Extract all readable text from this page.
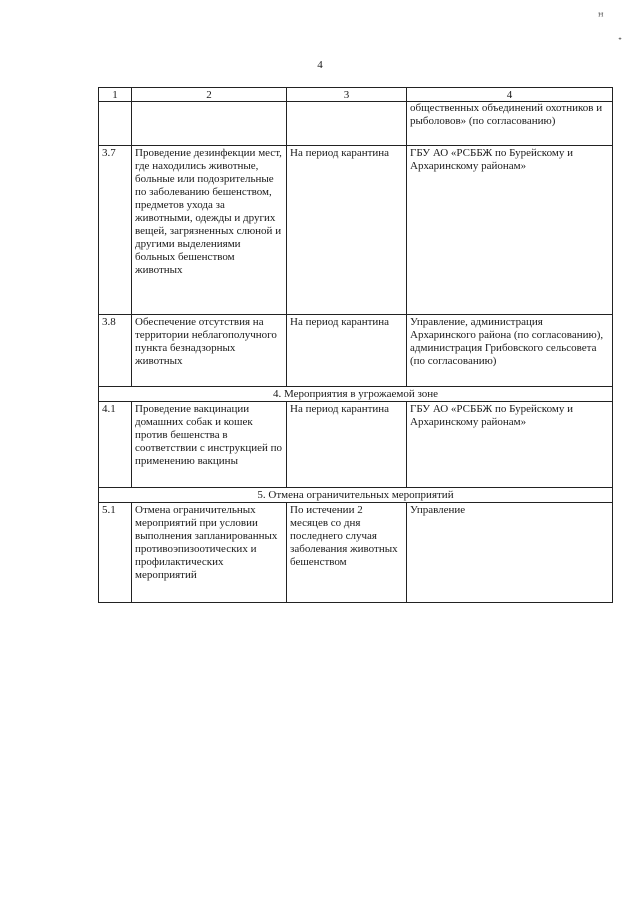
4
ꟸ
ᐩ
1	2	3	4
			общественных объединений охотников и рыболовов» (по согласованию)
3.7	Проведение дезинфекции мест, где находились животные, больные или подозрительные по заболеванию бешенством, предметов ухода за животными, одежды и других вещей, загрязненных слюной и другими выделениями больных бешенством животных	На период карантина	ГБУ АО «РСББЖ по Бурейскому и Архаринскому районам»
3.8	Обеспечение отсутствия на территории неблагополучного пункта безнадзорных животных	На период карантина	Управление, администрация Архаринского района (по согласованию), администрация Грибовского сельсовета (по согласованию)
4. Мероприятия в угрожаемой зоне			
4.1	Проведение вакцинации домашних собак и кошек против бешенства в соответствии с инструкцией по применению вакцины	На период карантина	ГБУ АО «РСББЖ по Бурейскому и Архаринскому районам»
5. Отмена ограничительных мероприятий			
5.1	Отмена ограничительных мероприятий при условии выполнения запланированных противоэпизоотических и профилактических мероприятий	По истечении 2 месяцев со дня последнего случая заболевания животных бешенством	Управление
